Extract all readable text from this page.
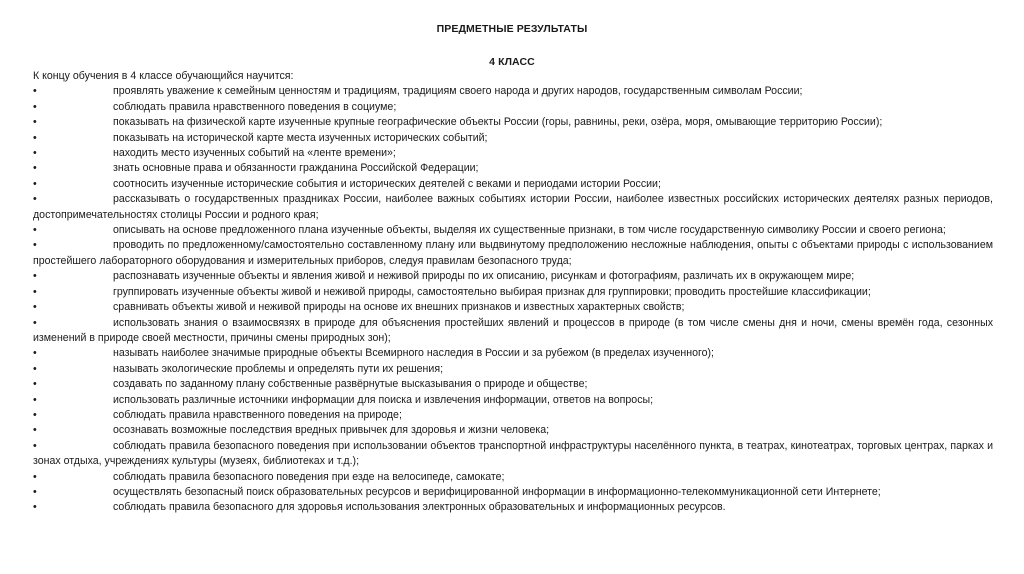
ПРЕДМЕТНЫЕ РЕЗУЛЬТАТЫ
4 КЛАСС

К концу обучения в 4 классе обучающийся научится:

•	проявлять уважение к семейным ценностям и традициям, традициям своего народа и других народов, государственным символам России;

•	соблюдать правила нравственного поведения в социуме;

•	показывать на физической карте изученные крупные географические объекты России (горы, равнины, реки, озёра, моря, омывающие территорию России);

•	показывать на исторической карте места изученных исторических событий;

•	находить место изученных событий на «ленте времени»;

•	знать основные права и обязанности гражданина Российской Федерации;

•	соотносить изученные исторические события и исторических деятелей с веками и периодами истории России;

•	рассказывать о государственных праздниках России, наиболее важных событиях истории России, наиболее известных российских исторических деятелях разных периодов, достопримечательностях столицы России и родного края;

•	описывать на основе предложенного плана изученные объекты, выделяя их существенные признаки, в том числе государственную символику России и своего региона;

•	проводить по предложенному/самостоятельно составленному плану или выдвинутому предположению несложные наблюдения, опыты с объектами природы с использованием простейшего лабораторного оборудования и измерительных приборов, следуя правилам безопасного труда;

•	распознавать изученные объекты и явления живой и неживой природы по их описанию, рисункам и фотографиям, различать их в окружающем мире;

•	группировать изученные объекты живой и неживой природы, самостоятельно выбирая признак для группировки; проводить простейшие классификации;

•	сравнивать объекты живой и неживой природы на основе их внешних признаков и известных характерных свойств;

•	использовать знания о взаимосвязях в природе для объяснения простейших явлений и процессов в природе (в том числе смены дня и ночи, смены времён года, сезонных изменений в природе своей местности, причины смены природных зон);

•	называть наиболее значимые природные объекты Всемирного наследия в России и за рубежом (в пределах изученного);

•	называть экологические проблемы и определять пути их решения;

•	создавать по заданному плану собственные развёрнутые высказывания о природе и обществе;

•	использовать различные источники информации для поиска и извлечения информации, ответов на вопросы;

•	соблюдать правила нравственного поведения на природе;

•	осознавать возможные последствия вредных привычек для здоровья и жизни человека;

•	соблюдать правила безопасного поведения при использовании объектов транспортной инфраструктуры населённого пункта, в театрах, кинотеатрах, торговых центрах, парках и зонах отдыха, учреждениях культуры (музеях, библиотеках и т.д.);

•	соблюдать правила безопасного поведения при езде на велосипеде, самокате;

•	осуществлять безопасный поиск образовательных ресурсов и верифицированной информации в информационно-телекоммуникационной сети Интернете;

•	соблюдать правила безопасного для здоровья использования электронных образовательных и информационных ресурсов.
